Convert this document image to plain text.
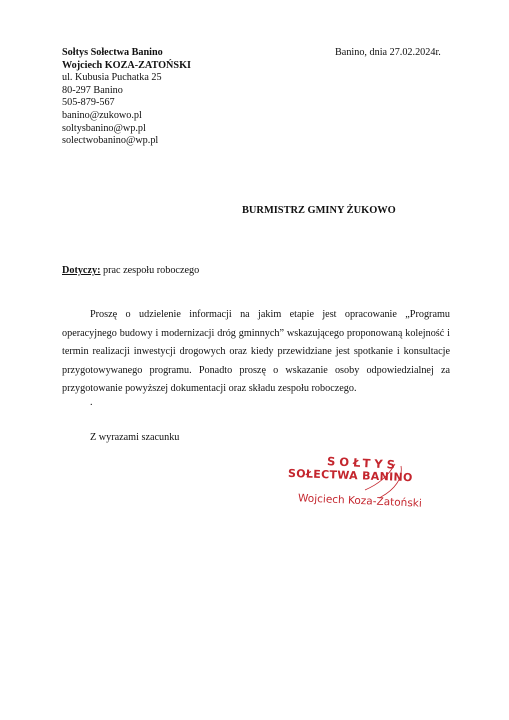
Sołtys Sołectwa Banino
Wojciech KOZA-ZATOŃSKI
ul. Kubusia Puchatka 25
80-297 Banino
505-879-567
banino@zukowo.pl
soltysbanino@wp.pl
solectwobanino@wp.pl
Banino, dnia 27.02.2024r.
BURMISTRZ GMINY ŻUKOWO
Dotyczy: prac zespołu roboczego
Proszę o udzielenie informacji na jakim etapie jest opracowanie „Programu operacyjnego budowy i modernizacji dróg gminnych” wskazującego proponowaną kolejność i termin realizacji inwestycji drogowych oraz kiedy przewidziane jest spotkanie i konsultacje przygotowywanego programu. Ponadto proszę o wskazanie osoby odpowiedzialnej za przygotowanie powyższej dokumentacji oraz składu zespołu roboczego.
.
Z wyrazami szacunku
SOŁTYS
SOŁECTWA BANINO
Wojciech Koza-Zatoński
